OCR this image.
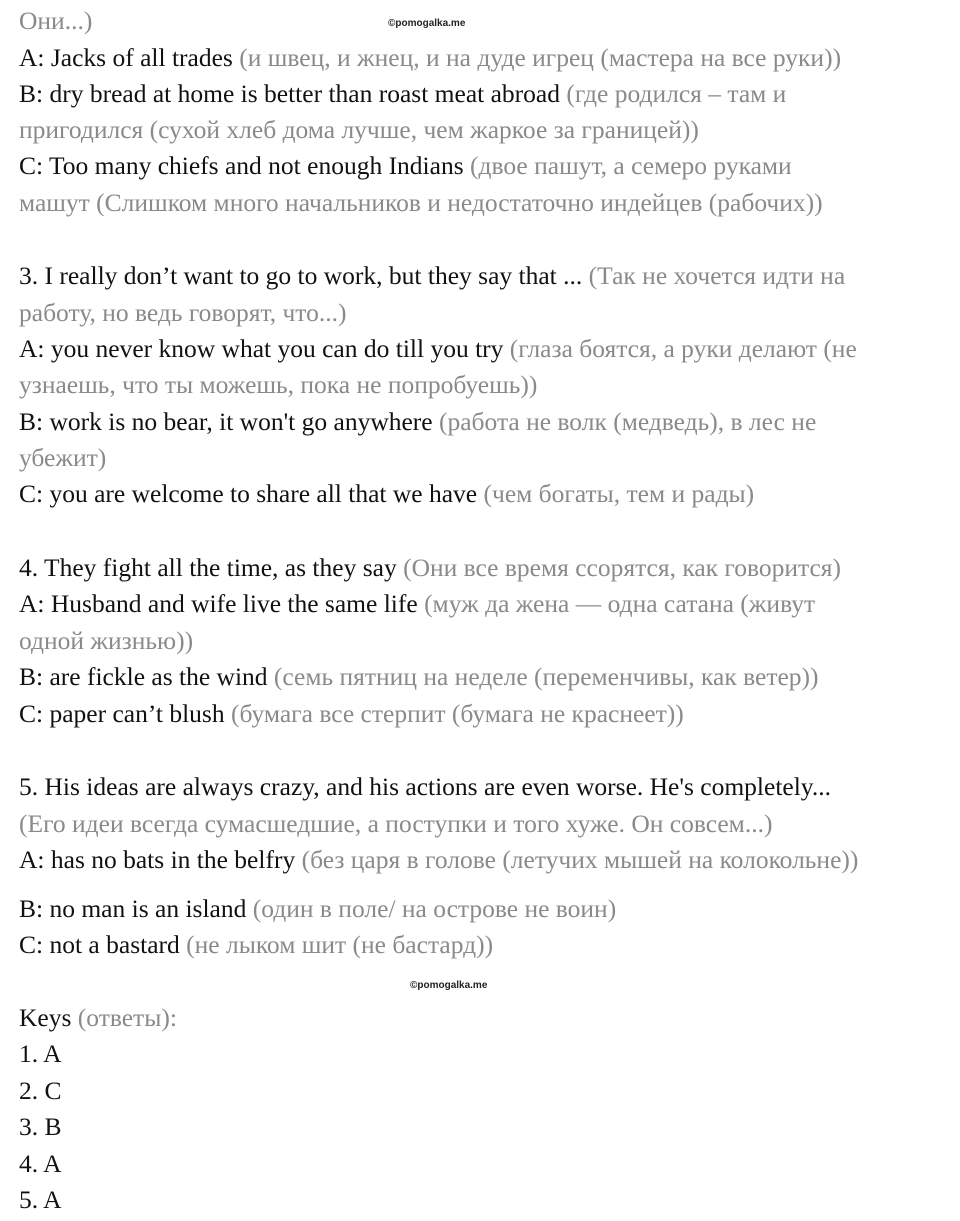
©pomogalka.me
©pomogalka.me
Они...)
A: Jacks of all trades (и швец, и жнец, и на дуде игрец (мастера на все руки))
B: dry bread at home is better than roast meat abroad (где родился – там и
пригодился (сухой хлеб дома лучше, чем жаркое за границей))
C: Too many chiefs and not enough Indians (двое пашут, а семеро руками
машут (Слишком много начальников и недостаточно индейцев (рабочих))
3. I really don’t want to go to work, but they say that ... (Так не хочется идти на
работу, но ведь говорят, что...)
A: you never know what you can do till you try (глаза боятся, а руки делают (не
узнаешь, что ты можешь, пока не попробуешь))
B: work is no bear, it won't go anywhere (работа не волк (медведь), в лес не
убежит)
C: you are welcome to share all that we have (чем богаты, тем и рады)
4. They fight all the time, as they say (Они все время ссорятся, как говорится)
A: Husband and wife live the same life (муж да жена — одна сатана (живут
одной жизнью))
B: are fickle as the wind (семь пятниц на неделе (переменчивы, как ветер))
C: paper can’t blush (бумага все стерпит (бумага не краснеет))
5. His ideas are always crazy, and his actions are even worse. He's completely...
(Его идеи всегда сумасшедшие, а поступки и того хуже. Он совсем...)
A: has no bats in the belfry (без царя в голове (летучих мышей на колокольне))
B: no man is an island (один в поле/ на острове не воин)
C: not a bastard (не лыком шит (не бастард))
Keys (ответы):
1. A
2. C
3. B
4. A
5. A
